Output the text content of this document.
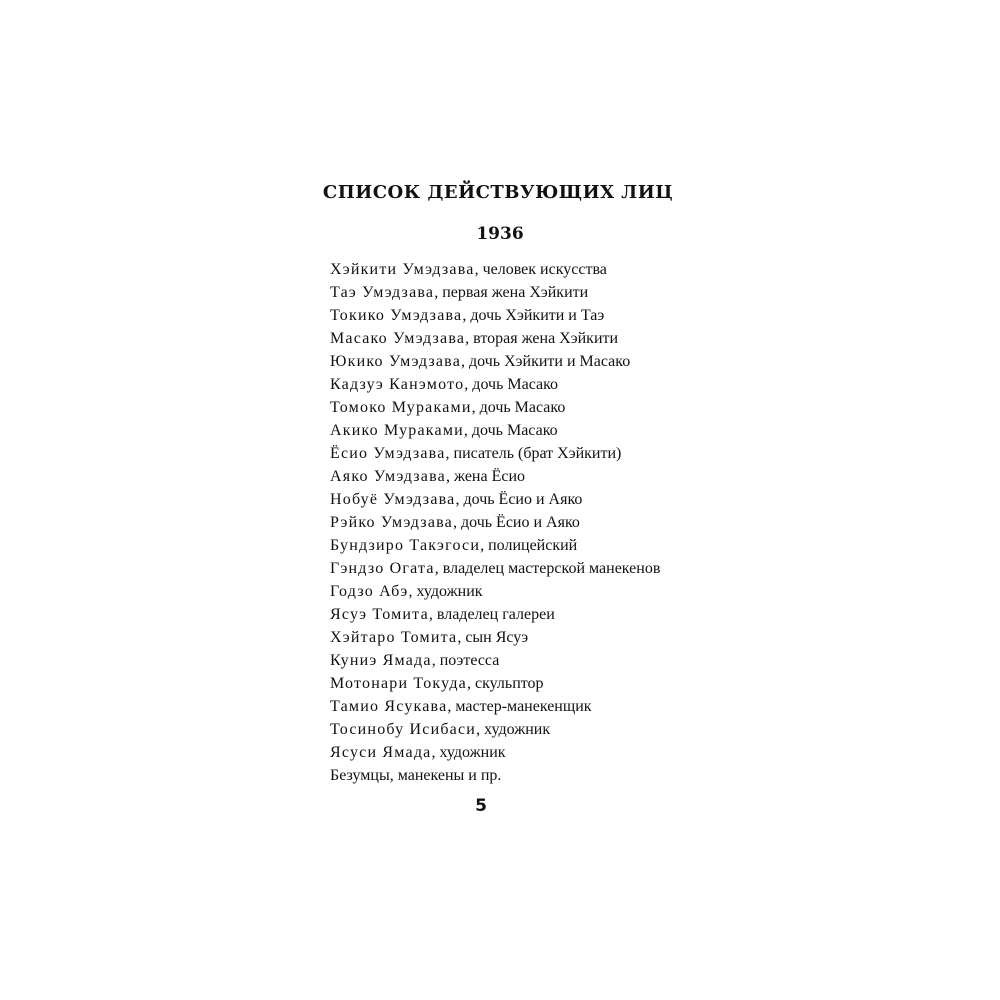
СПИСОК ДЕЙСТВУЮЩИХ ЛИЦ
1936
Хэйкити Умэдзава, человек искусства
Таэ Умэдзава, первая жена Хэйкити
Токико Умэдзава, дочь Хэйкити и Таэ
Масако Умэдзава, вторая жена Хэйкити
Юкико Умэдзава, дочь Хэйкити и Масако
Кадзуэ Канэмото, дочь Масако
Томоко Мураками, дочь Масако
Акико Мураками, дочь Масако
Ёсио Умэдзава, писатель (брат Хэйкити)
Аяко Умэдзава, жена Ёсио
Нобуё Умэдзава, дочь Ёсио и Аяко
Рэйко Умэдзава, дочь Ёсио и Аяко
Бундзиро Такэгоси, полицейский
Гэндзо Огата, владелец мастерской манекенов
Годзо Абэ, художник
Ясуэ Томита, владелец галереи
Хэйтаро Томита, сын Ясуэ
Куниэ Ямада, поэтесса
Мотонари Токуда, скульптор
Тамио Ясукава, мастер-манекенщик
Тосинобу Исибаси, художник
Ясуси Ямада, художник
Безумцы, манекены и пр.
5
